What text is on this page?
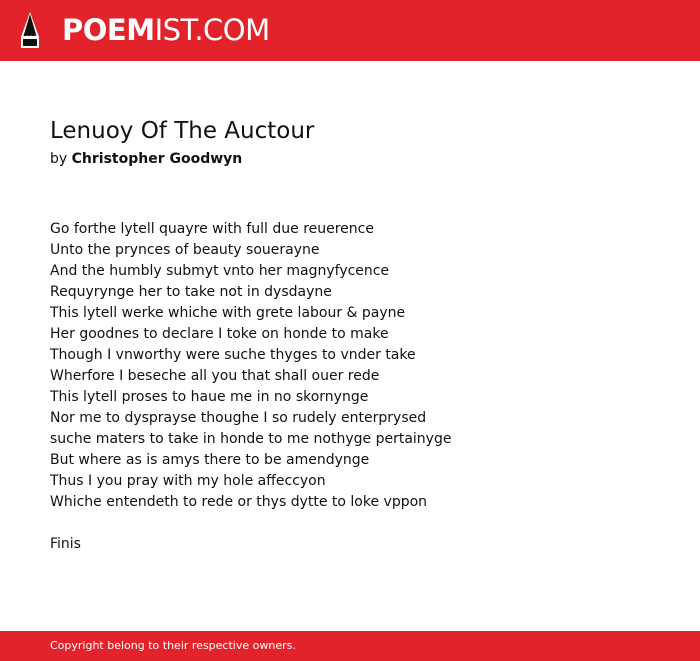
POEMIST.COM
Lenuoy Of The Auctour
by Christopher Goodwyn
Go forthe lytell quayre with full due reuerence
Unto the prynces of beauty souerayne
And the humbly submyt vnto her magnyfycence
Requyrynge her to take not in dysdayne
This lytell werke whiche with grete labour & payne
Her goodnes to declare I toke on honde to make
Though I vnworthy were suche thyges to vnder take
Wherfore I beseche all you that shall ouer rede
This lytell proses to haue me in no skornynge
Nor me to dysprayse thoughe I so rudely enterprysed
suche maters to take in honde to me nothyge pertainyge
But where as is amys there to be amendynge
Thus I you pray with my hole affeccyon
Whiche entendeth to rede or thys dytte to loke vppon
Finis
Copyright belong to their respective owners.
